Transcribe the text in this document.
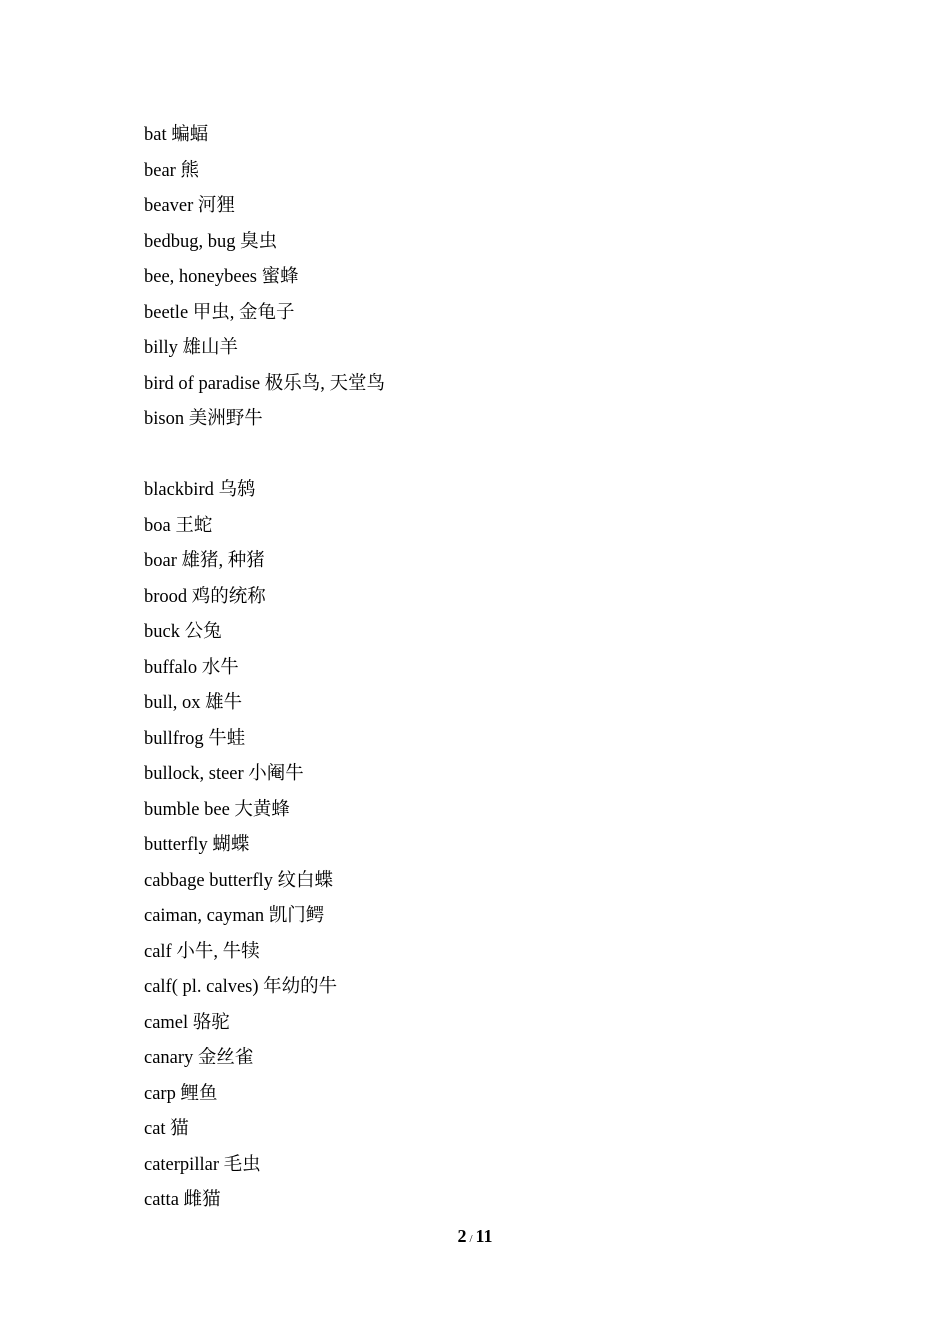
bat 蝙蝠
bear 熊
beaver 河狸
bedbug, bug 臭虫
bee, honeybees 蜜蜂
beetle 甲虫, 金龟子
billy 雄山羊
bird of paradise 极乐鸟, 天堂鸟
bison 美洲野牛
blackbird 乌鸫
boa 王蛇
boar 雄猪, 种猪
brood 鸡的统称
buck 公兔
buffalo 水牛
bull, ox 雄牛
bullfrog 牛蛙
bullock, steer 小阉牛
bumble bee 大黄蜂
butterfly 蝴蝶
cabbage butterfly 纹白蝶
caiman, cayman 凯门鳄
calf 小牛, 牛犊
calf( pl. calves) 年幼的牛
camel 骆驼
canary 金丝雀
carp 鲤鱼
cat 猫
caterpillar 毛虫
catta 雌猫
2 / 11
